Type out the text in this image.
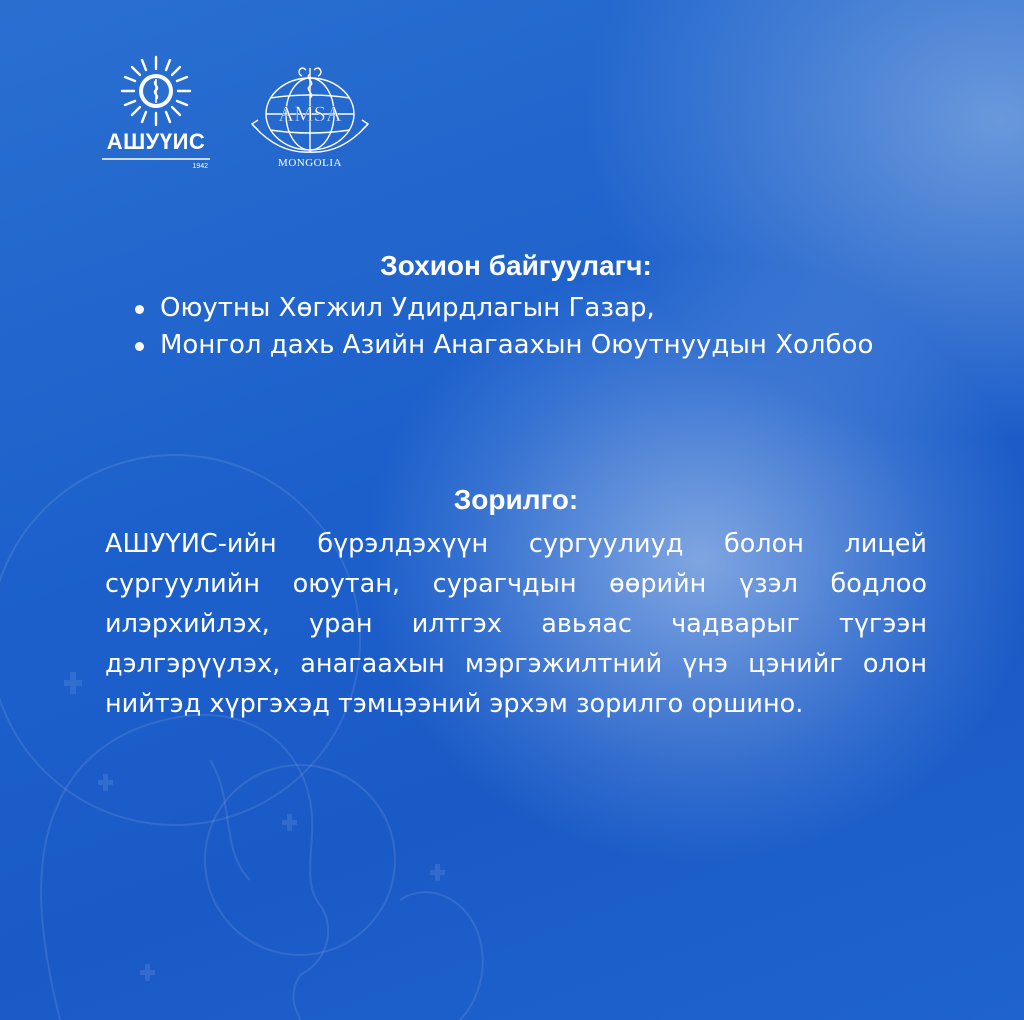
АШУҮИС
1942
AMSA
MONGOLIA
Зохион байгуулагч:
Оюутны Хөгжил Удирдлагын Газар,
Монгол дахь Азийн Анагаахын Оюутнуудын Холбоо
Зорилго:

АШУҮИС-ийн бүрэлдэхүүн сургуулиуд болон лицей сургуулийн оюутан, сурагчдын өөрийн үзэл бодлоо илэрхийлэх, уран илтгэх авьяас чадварыг түгээн дэлгэрүүлэх, анагаахын мэргэжилтний үнэ цэнийг олон нийтэд хүргэхэд тэмцээний эрхэм зорилго оршино.
